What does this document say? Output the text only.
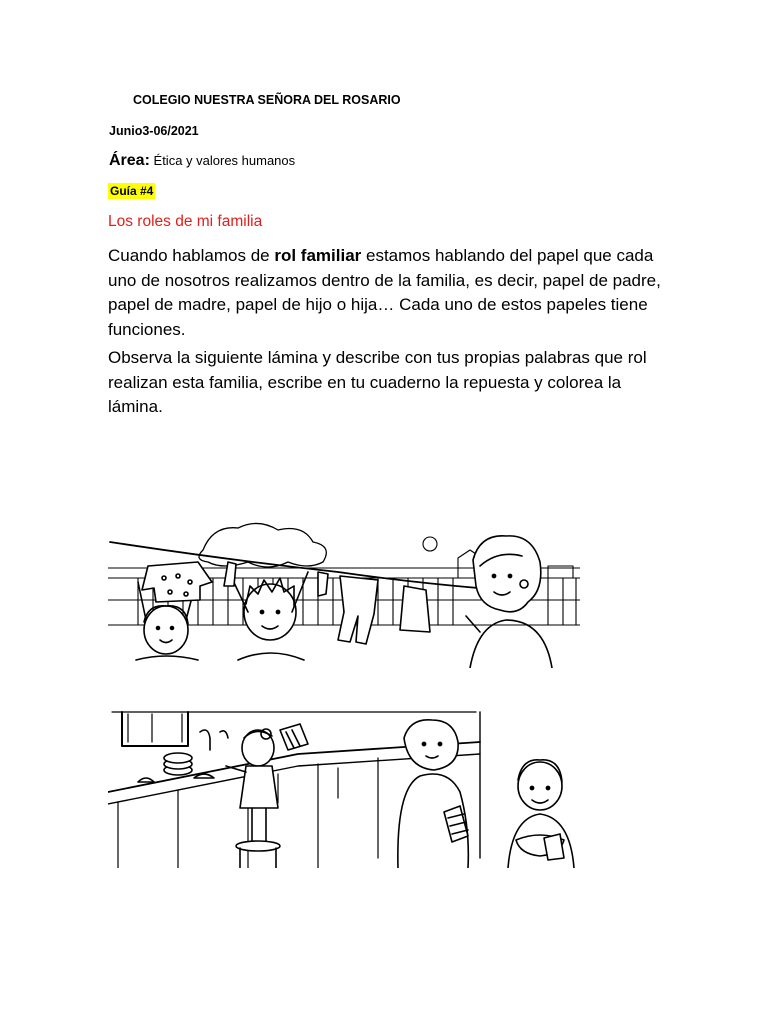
COLEGIO NUESTRA SEÑORA DEL ROSARIO
Junio3-06/2021
Área: Ética y valores humanos
Guía #4
Los roles de mi familia
Cuando hablamos de rol familiar estamos hablando del papel que cada uno de nosotros realizamos dentro de la familia, es decir, papel de padre, papel de madre, papel de hijo o hija… Cada uno de estos papeles tiene funciones.
Observa la siguiente lámina y describe con tus propias palabras que rol realizan esta familia, escribe en tu cuaderno la repuesta y colorea la lámina.
